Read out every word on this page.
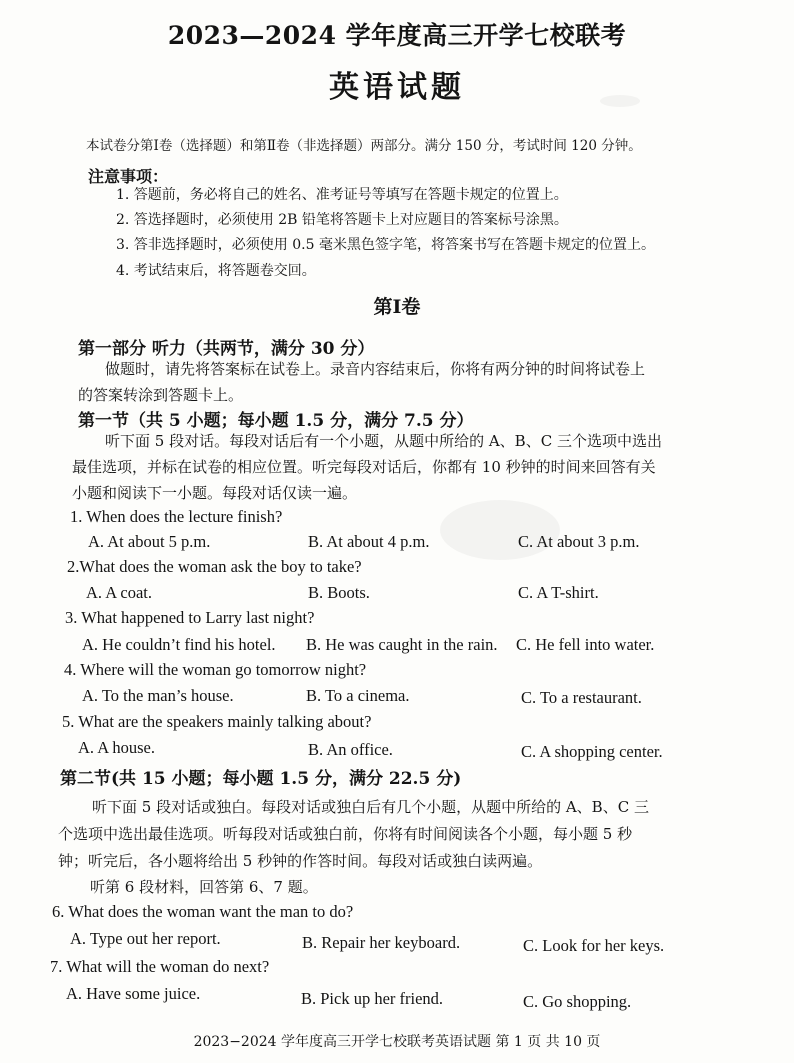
2023—2024 学年度高三开学七校联考
英语试题
本试卷分第Ⅰ卷（选择题）和第Ⅱ卷（非选择题）两部分。满分 150 分，考试时间 120 分钟。
注意事项：
1. 答题前，务必将自己的姓名、准考证号等填写在答题卡规定的位置上。
2. 答选择题时，必须使用 2B 铅笔将答题卡上对应题目的答案标号涂黑。
3. 答非选择题时，必须使用 0.5 毫米黑色签字笔，将答案书写在答题卡规定的位置上。
4. 考试结束后，将答题卷交回。
第Ⅰ卷
第一部分 听力（共两节，满分 30 分）
做题时，请先将答案标在试卷上。录音内容结束后，你将有两分钟的时间将试卷上
的答案转涂到答题卡上。
第一节（共 5 小题；每小题 1.5 分，满分 7.5 分）
听下面 5 段对话。每段对话后有一个小题，从题中所给的 A、B、C 三个选项中选出
最佳选项，并标在试卷的相应位置。听完每段对话后，你都有 10 秒钟的时间来回答有关
小题和阅读下一小题。每段对话仅读一遍。
1. When does the lecture finish?
A. At about 5 p.m.	B. At about 4 p.m.	C. At about 3 p.m.
2.What does the woman ask the boy to take?
A. A coat.	B. Boots.	C. A T-shirt.
3. What happened to Larry last night?
A. He couldn’t find his hotel. B. He was caught in the rain. C. He fell into water.
4. Where will the woman go tomorrow night?
A. To the man’s house.	B. To a cinema.	C. To a restaurant.
5. What are the speakers mainly talking about?
A. A house.	B. An office.	C. A shopping center.
第二节(共 15 小题；每小题 1.5 分，满分 22.5 分)
听下面 5 段对话或独白。每段对话或独白后有几个小题，从题中所给的 A、B、C 三
个选项中选出最佳选项。听每段对话或独白前，你将有时间阅读各个小题，每小题 5 秒
钟；听完后，各小题将给出 5 秒钟的作答时间。每段对话或独白读两遍。
听第 6 段材料，回答第 6、7 题。
6. What does the woman want the man to do?
A. Type out her report.	B. Repair her keyboard.	C. Look for her keys.
7. What will the woman do next?
A. Have some juice.	B. Pick up her friend.	C. Go shopping.
2023−2024 学年度高三开学七校联考英语试题 第 1 页 共 10 页
